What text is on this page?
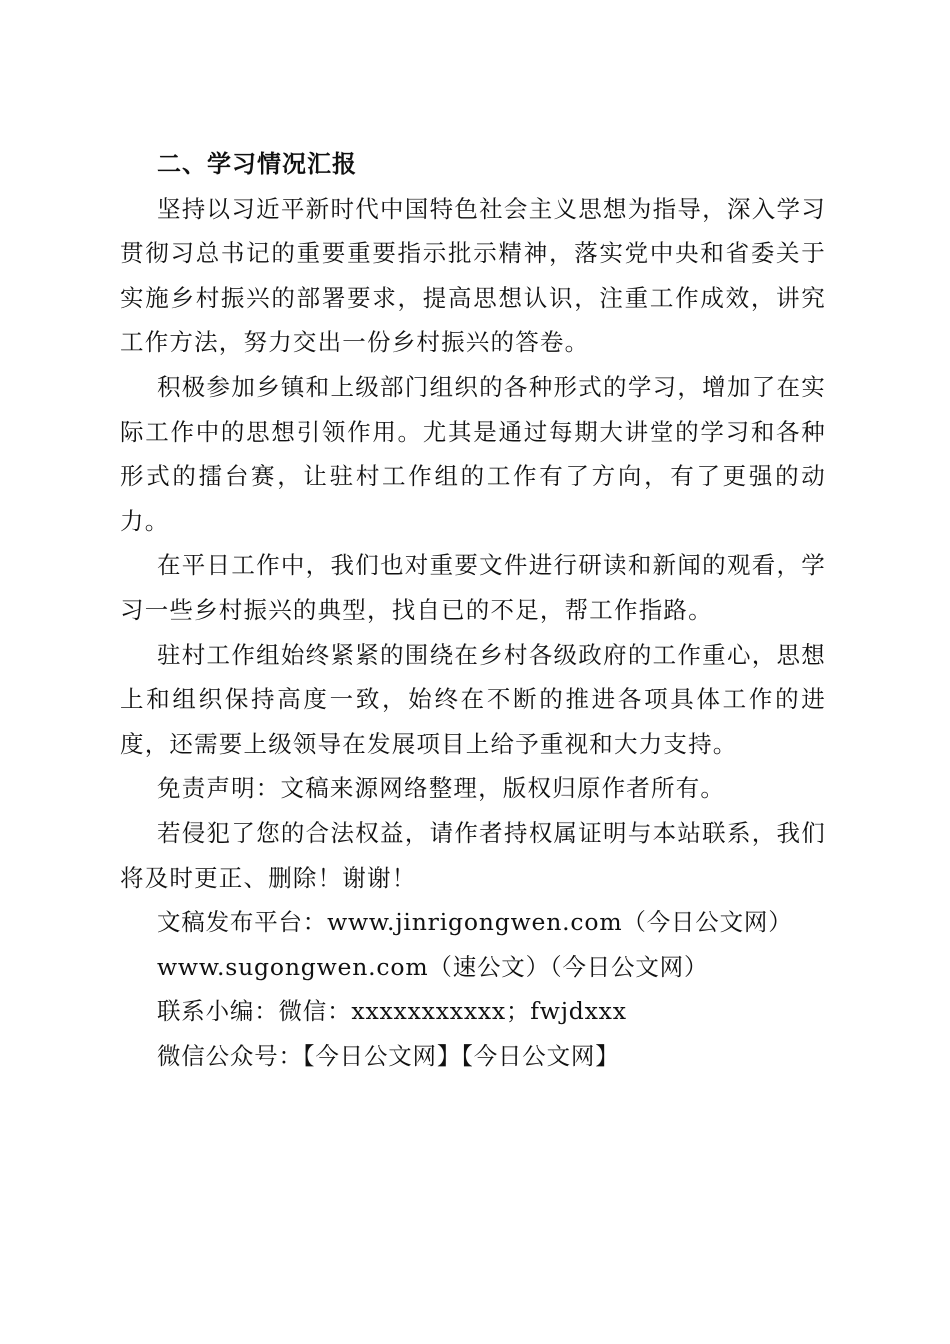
二、学习情况汇报

坚持以习近平新时代中国特色社会主义思想为指导，深入学习贯彻习总书记的重要重要指示批示精神，落实党中央和省委关于实施乡村振兴的部署要求，提高思想认识，注重工作成效，讲究工作方法，努力交出一份乡村振兴的答卷。

积极参加乡镇和上级部门组织的各种形式的学习，增加了在实际工作中的思想引领作用。尤其是通过每期大讲堂的学习和各种形式的擂台赛，让驻村工作组的工作有了方向，有了更强的动力。

在平日工作中，我们也对重要文件进行研读和新闻的观看，学习一些乡村振兴的典型，找自已的不足，帮工作指路。

驻村工作组始终紧紧的围绕在乡村各级政府的工作重心，思想上和组织保持高度一致，始终在不断的推进各项具体工作的进度，还需要上级领导在发展项目上给予重视和大力支持。

免责声明：文稿来源网络整理，版权归原作者所有。

若侵犯了您的合法权益，请作者持权属证明与本站联系，我们将及时更正、删除！谢谢！

文稿发布平台：www.jinrigongwen.com（今日公文网）

www.sugongwen.com（速公文）（今日公文网）

联系小编：微信：xxxxxxxxxxx；fwjdxxx

微信公众号：【今日公文网】【今日公文网】
